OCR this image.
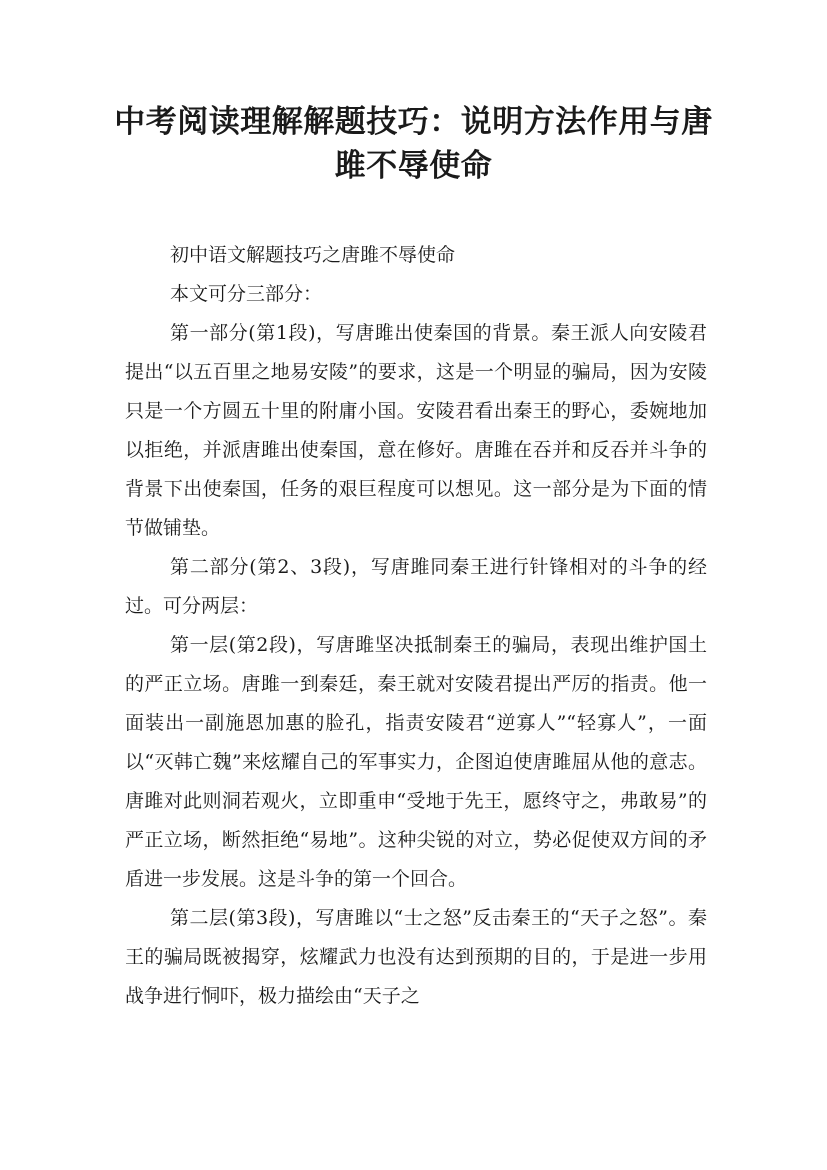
中考阅读理解解题技巧：说明方法作用与唐雎不辱使命

初中语文解题技巧之唐雎不辱使命

本文可分三部分：

第一部分(第1段)，写唐雎出使秦国的背景。秦王派人向安陵君提出“以五百里之地易安陵”的要求，这是一个明显的骗局，因为安陵只是一个方圆五十里的附庸小国。安陵君看出秦王的野心，委婉地加以拒绝，并派唐雎出使秦国，意在修好。唐雎在吞并和反吞并斗争的背景下出使秦国，任务的艰巨程度可以想见。这一部分是为下面的情节做铺垫。

第二部分(第2、3段)，写唐雎同秦王进行针锋相对的斗争的经过。可分两层：

第一层(第2段)，写唐雎坚决抵制秦王的骗局，表现出维护国土的严正立场。唐雎一到秦廷，秦王就对安陵君提出严厉的指责。他一面装出一副施恩加惠的脸孔，指责安陵君“逆寡人”“轻寡人”，一面以“灭韩亡魏”来炫耀自己的军事实力，企图迫使唐雎屈从他的意志。唐雎对此则洞若观火，立即重申“受地于先王，愿终守之，弗敢易”的严正立场，断然拒绝“易地”。这种尖锐的对立，势必促使双方间的矛盾进一步发展。这是斗争的第一个回合。

第二层(第3段)，写唐雎以“士之怒”反击秦王的“天子之怒”。秦王的骗局既被揭穿，炫耀武力也没有达到预期的目的，于是进一步用战争进行恫吓，极力描绘由“天子之
